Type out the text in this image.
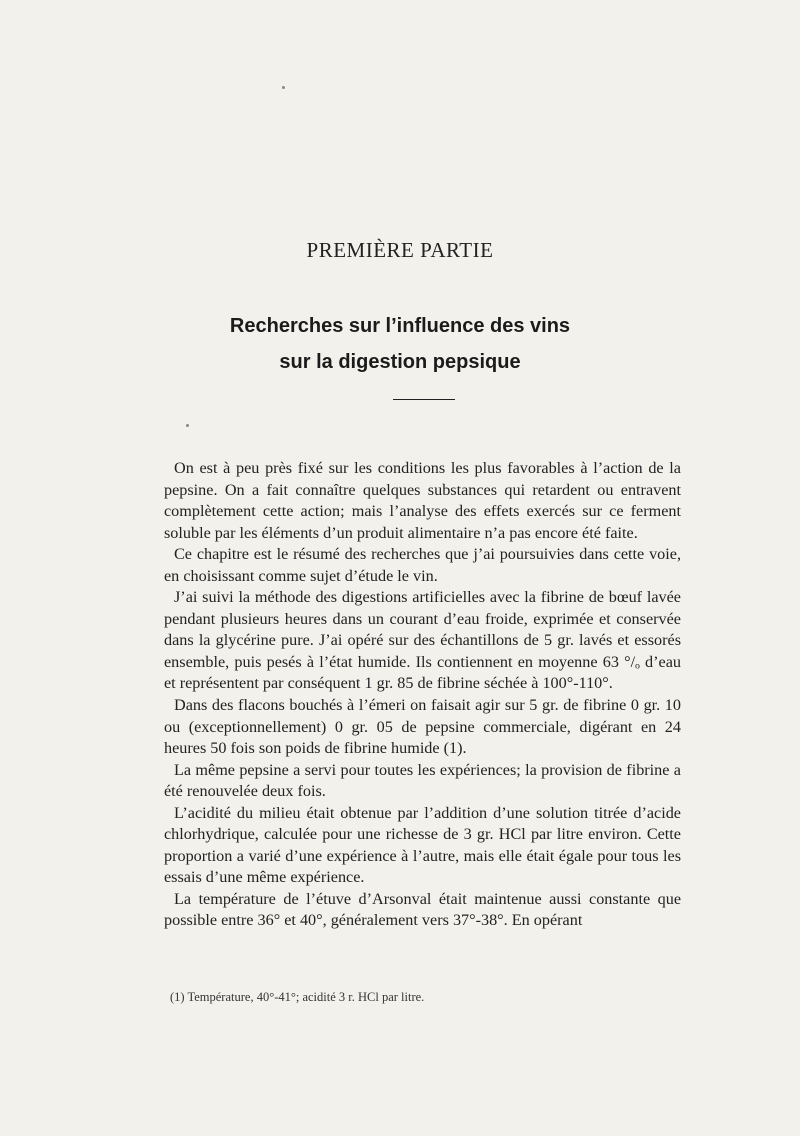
PREMIÈRE PARTIE
Recherches sur l’influence des vins
sur la digestion pepsique

On est à peu près fixé sur les conditions les plus favorables à l’action de la pepsine. On a fait connaître quelques substances qui retardent ou entravent complètement cette action; mais l’analyse des effets exercés sur ce ferment soluble par les éléments d’un produit alimentaire n’a pas encore été faite.

Ce chapitre est le résumé des recherches que j’ai poursuivies dans cette voie, en choisissant comme sujet d’étude le vin.

J’ai suivi la méthode des digestions artificielles avec la fibrine de bœuf lavée pendant plusieurs heures dans un courant d’eau froide, exprimée et conservée dans la glycérine pure. J’ai opéré sur des échantillons de 5 gr. lavés et essorés ensemble, puis pesés à l’état humide. Ils contiennent en moyenne 63 °/ₒ d’eau et représentent par conséquent 1 gr. 85 de fibrine séchée à 100°-110°.

Dans des flacons bouchés à l’émeri on faisait agir sur 5 gr. de fibrine 0 gr. 10 ou (exceptionnellement) 0 gr. 05 de pepsine commerciale, digérant en 24 heures 50 fois son poids de fibrine humide (1).

La même pepsine a servi pour toutes les expériences; la provision de fibrine a été renouvelée deux fois.

L’acidité du milieu était obtenue par l’addition d’une solution titrée d’acide chlorhydrique, calculée pour une richesse de 3 gr. HCl par litre environ. Cette proportion a varié d’une expérience à l’autre, mais elle était égale pour tous les essais d’une même expérience.

La température de l’étuve d’Arsonval était maintenue aussi constante que possible entre 36° et 40°, généralement vers 37°-38°. En opérant

(1) Température, 40°-41°; acidité 3 r. HCl par litre.
